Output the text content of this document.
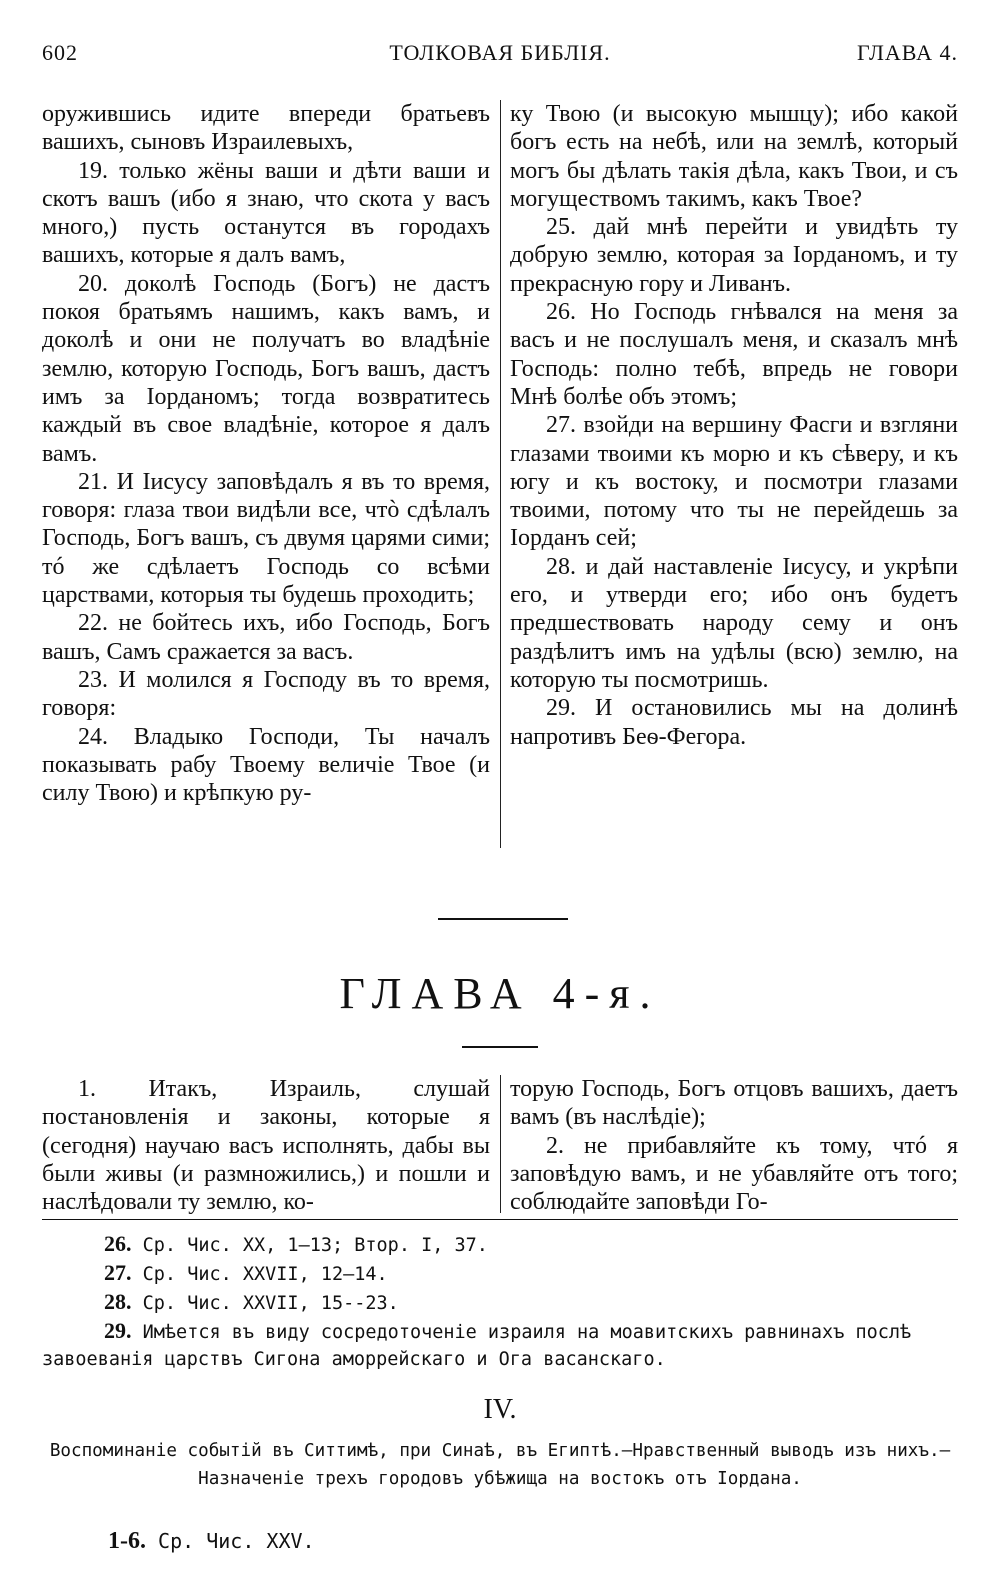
602	ТОЛКОВАЯ БИБЛІЯ.	ГЛАВА 4.

оружившись идите впереди братьевъ вашихъ, сыновъ Израилевыхъ,

19. только жёны ваши и дѣти ваши и скотъ вашъ (ибо я знаю, что скота у васъ много,) пусть останутся въ городахъ вашихъ, которые я далъ вамъ,

20. доколѣ Господь (Богъ) не дастъ покоя братьямъ нашимъ, какъ вамъ, и доколѣ и они не получатъ во владѣніе землю, которую Господь, Богъ вашъ, дастъ имъ за Іорданомъ; тогда возвратитесь каждый въ свое владѣніе, которое я далъ вамъ.

21. И Іисусу заповѣдалъ я въ то время, говоря: глаза твои видѣли все, чтò сдѣлалъ Господь, Богъ вашъ, съ двумя царями сими; тó же сдѣлаетъ Господь со всѣми царствами, которыя ты будешь проходить;

22. не бойтесь ихъ, ибо Господь, Богъ вашъ, Самъ сражается за васъ.

23. И молился я Господу въ то время, говоря:

24. Владыко Господи, Ты началъ показывать рабу Твоему величіе Твое (и силу Твою) и крѣпкую ру-

ку Твою (и высокую мышцу); ибо какой богъ есть на небѣ, или на землѣ, который могъ бы дѣлать такія дѣла, какъ Твои, и съ могуществомъ такимъ, какъ Твое?

25. дай мнѣ перейти и увидѣть ту добрую землю, которая за Іорданомъ, и ту прекрасную гору и Ливанъ.

26. Но Господь гнѣвался на меня за васъ и не послушалъ меня, и сказалъ мнѣ Господь: полно тебѣ, впредь не говори Мнѣ болѣе объ этомъ;

27. взойди на вершину Фасги и взгляни глазами твоими къ морю и къ сѣверу, и къ югу и къ востоку, и посмотри глазами твоими, потому что ты не перейдешь за Іорданъ сей;

28. и дай наставленіе Іисусу, и укрѣпи его, и утверди его; ибо онъ будетъ предшествовать народу сему и онъ раздѣлитъ имъ на удѣлы (всю) землю, на которую ты посмотришь.

29. И остановились мы на долинѣ напротивъ Беѳ-Фегора.

ГЛАВА 4-я.

1. Итакъ, Израиль, слушай постановленія и законы, которые я (сегодня) научаю васъ исполнять, дабы вы были живы (и размножились,) и пошли и наслѣдовали ту землю, ко-

торую Господь, Богъ отцовъ вашихъ, даетъ вамъ (въ наслѣдіе);

2. не прибавляйте къ тому, чтó я заповѣдую вамъ, и не убавляйте отъ того; соблюдайте заповѣди Го-

26. Ср. Чис. XX, 1—13; Втор. I, 37.
27. Ср. Чис. XXVII, 12—14.
28. Ср. Чис. XXVII, 15--23.
29. Имѣется въ виду сосредоточеніе израиля на моавитскихъ равнинахъ послѣ завоеванія царствъ Сигона аморрейскаго и Ога васанскаго.
IV.
Воспоминаніе событій въ Ситтимѣ, при Синаѣ, въ Египтѣ.—Нравственный выводъ изъ нихъ.—Назначеніе трехъ городовъ убѣжища на востокъ отъ Іордана.
1-6. Ср. Чис. XXV.
